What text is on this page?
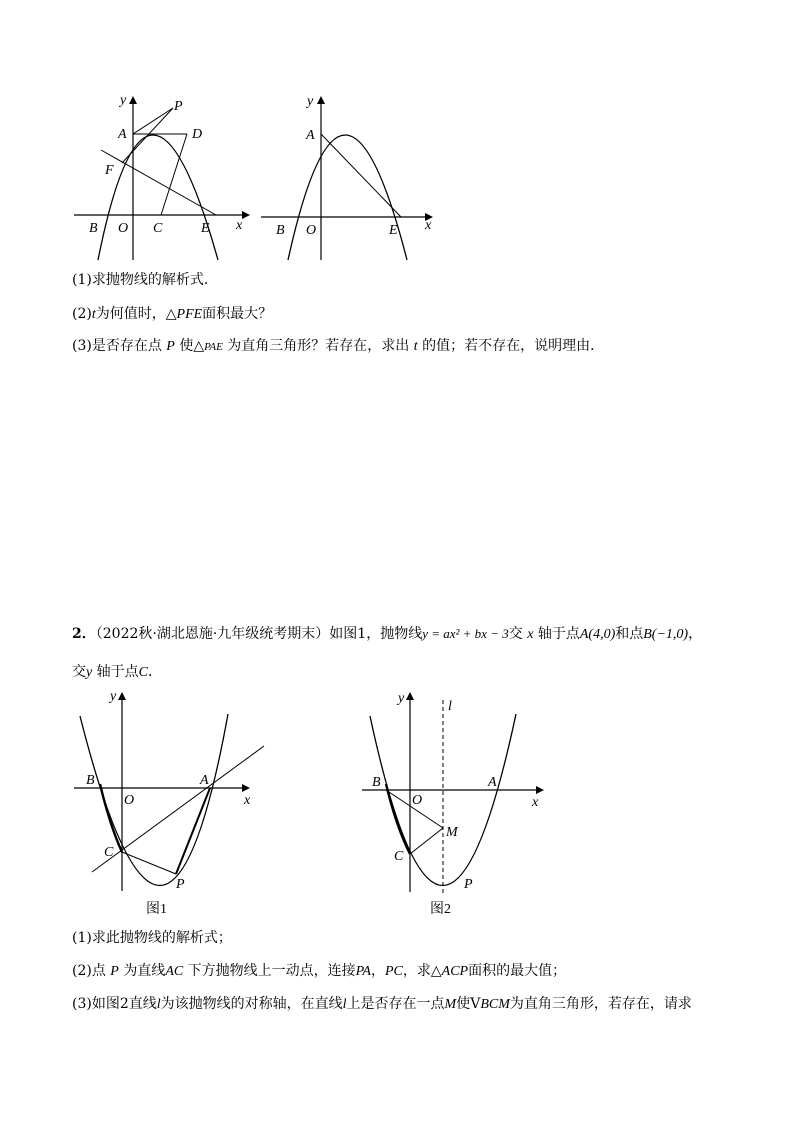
y
x
P
A	D
F
B O C	E
y
x
A
B O	E
(1)求抛物线的解析式．
(2)t为何值时，△PFE面积最大？
(3)是否存在点 P 使△PAE 为直角三角形？若存在，求出 t 的值；若不存在，说明理由．
2．（2022秋·湖北恩施·九年级统考期末）如图1，抛物线y = ax² + bx − 3交 x 轴于点A(4,0)和点B(−1,0)，
交y 轴于点C．
y
x
B
O
A
C
P
图1
y
l
x
B
O
A
M
C
P
图2
(1)求此抛物线的解析式；
(2)点 P 为直线AC 下方抛物线上一动点，连接PA，PC，求△ACP面积的最大值；
(3)如图2直线l为该抛物线的对称轴，在直线l上是否存在一点M使VBCM为直角三角形，若存在，请求
